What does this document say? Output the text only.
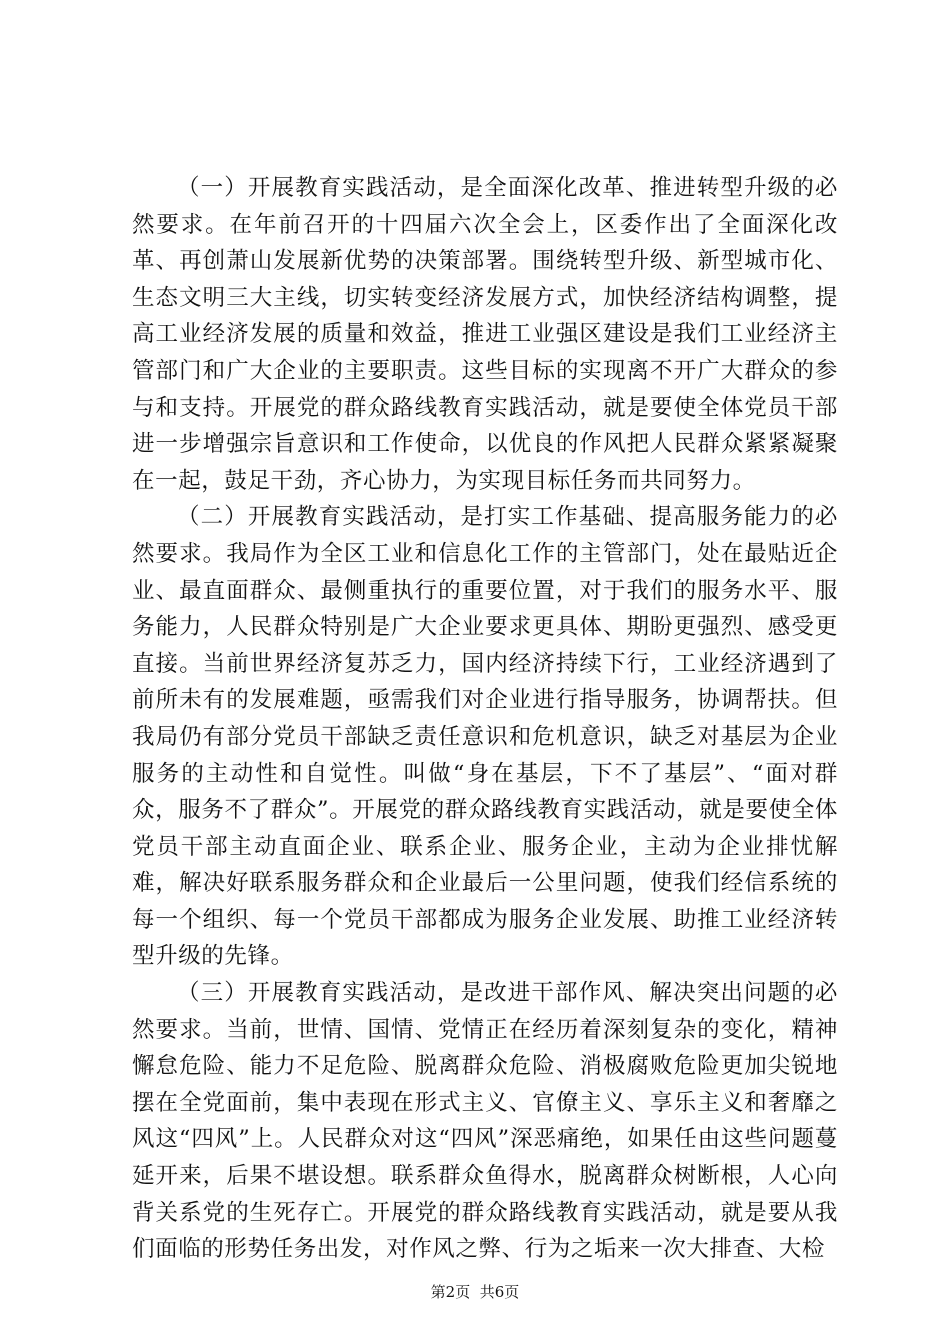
（一）开展教育实践活动，是全面深化改革、推进转型升级的必然要求。在年前召开的十四届六次全会上，区委作出了全面深化改革、再创萧山发展新优势的决策部署。围绕转型升级、新型城市化、生态文明三大主线，切实转变经济发展方式，加快经济结构调整，提高工业经济发展的质量和效益，推进工业强区建设是我们工业经济主管部门和广大企业的主要职责。这些目标的实现离不开广大群众的参与和支持。开展党的群众路线教育实践活动，就是要使全体党员干部进一步增强宗旨意识和工作使命，以优良的作风把人民群众紧紧凝聚在一起，鼓足干劲，齐心协力，为实现目标任务而共同努力。

（二）开展教育实践活动，是打实工作基础、提高服务能力的必然要求。我局作为全区工业和信息化工作的主管部门，处在最贴近企业、最直面群众、最侧重执行的重要位置，对于我们的服务水平、服务能力，人民群众特别是广大企业要求更具体、期盼更强烈、感受更直接。当前世界经济复苏乏力，国内经济持续下行，工业经济遇到了前所未有的发展难题，亟需我们对企业进行指导服务，协调帮扶。但我局仍有部分党员干部缺乏责任意识和危机意识，缺乏对基层为企业服务的主动性和自觉性。叫做“身在基层，下不了基层”、“面对群众，服务不了群众”。开展党的群众路线教育实践活动，就是要使全体党员干部主动直面企业、联系企业、服务企业，主动为企业排忧解难，解决好联系服务群众和企业最后一公里问题，使我们经信系统的每一个组织、每一个党员干部都成为服务企业发展、助推工业经济转型升级的先锋。

（三）开展教育实践活动，是改进干部作风、解决突出问题的必然要求。当前，世情、国情、党情正在经历着深刻复杂的变化，精神懈怠危险、能力不足危险、脱离群众危险、消极腐败危险更加尖锐地摆在全党面前，集中表现在形式主义、官僚主义、享乐主义和奢靡之风这“四风”上。人民群众对这“四风”深恶痛绝，如果任由这些问题蔓延开来，后果不堪设想。联系群众鱼得水，脱离群众树断根，人心向背关系党的生死存亡。开展党的群众路线教育实践活动，就是要从我们面临的形势任务出发，对作风之弊、行为之垢来一次大排查、大检

第2页 共6页
